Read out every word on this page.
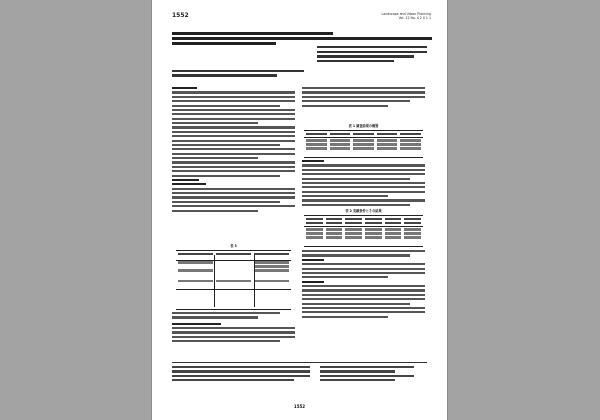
1552	Landscape and Urban Planning
Vol. 12 No. 4 2 0 1 1
表 3
表 1 調査結果の概要
表 2 実験条件とその結果
1552
